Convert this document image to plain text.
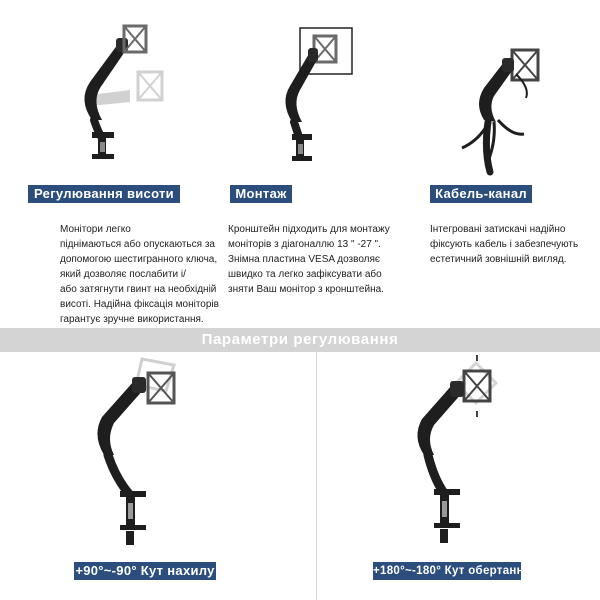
Регулювання висоти	Монтаж	Кабель-канал
Монітори легко
піднімаються або опускаються за
допомогою шестигранного ключа,
який дозволяє послабити і/
або затягнути гвинт на необхідній
висоті. Надійна фіксація моніторів
гарантує зручне використання.
Кронштейн підходить для монтажу
моніторів з діагоналлю 13 " -27 ".
Знімна пластина VESA дозволяє
швидко та легко зафіксувати або
зняти Ваш монітор з кронштейна.
Інтегровані затискачі надійно
фіксують кабель і забезпечують
естетичний зовнішній вигляд.
Параметри регулювання
+90°~-90° Кут нахилу	+180°~-180° Кут обертання
